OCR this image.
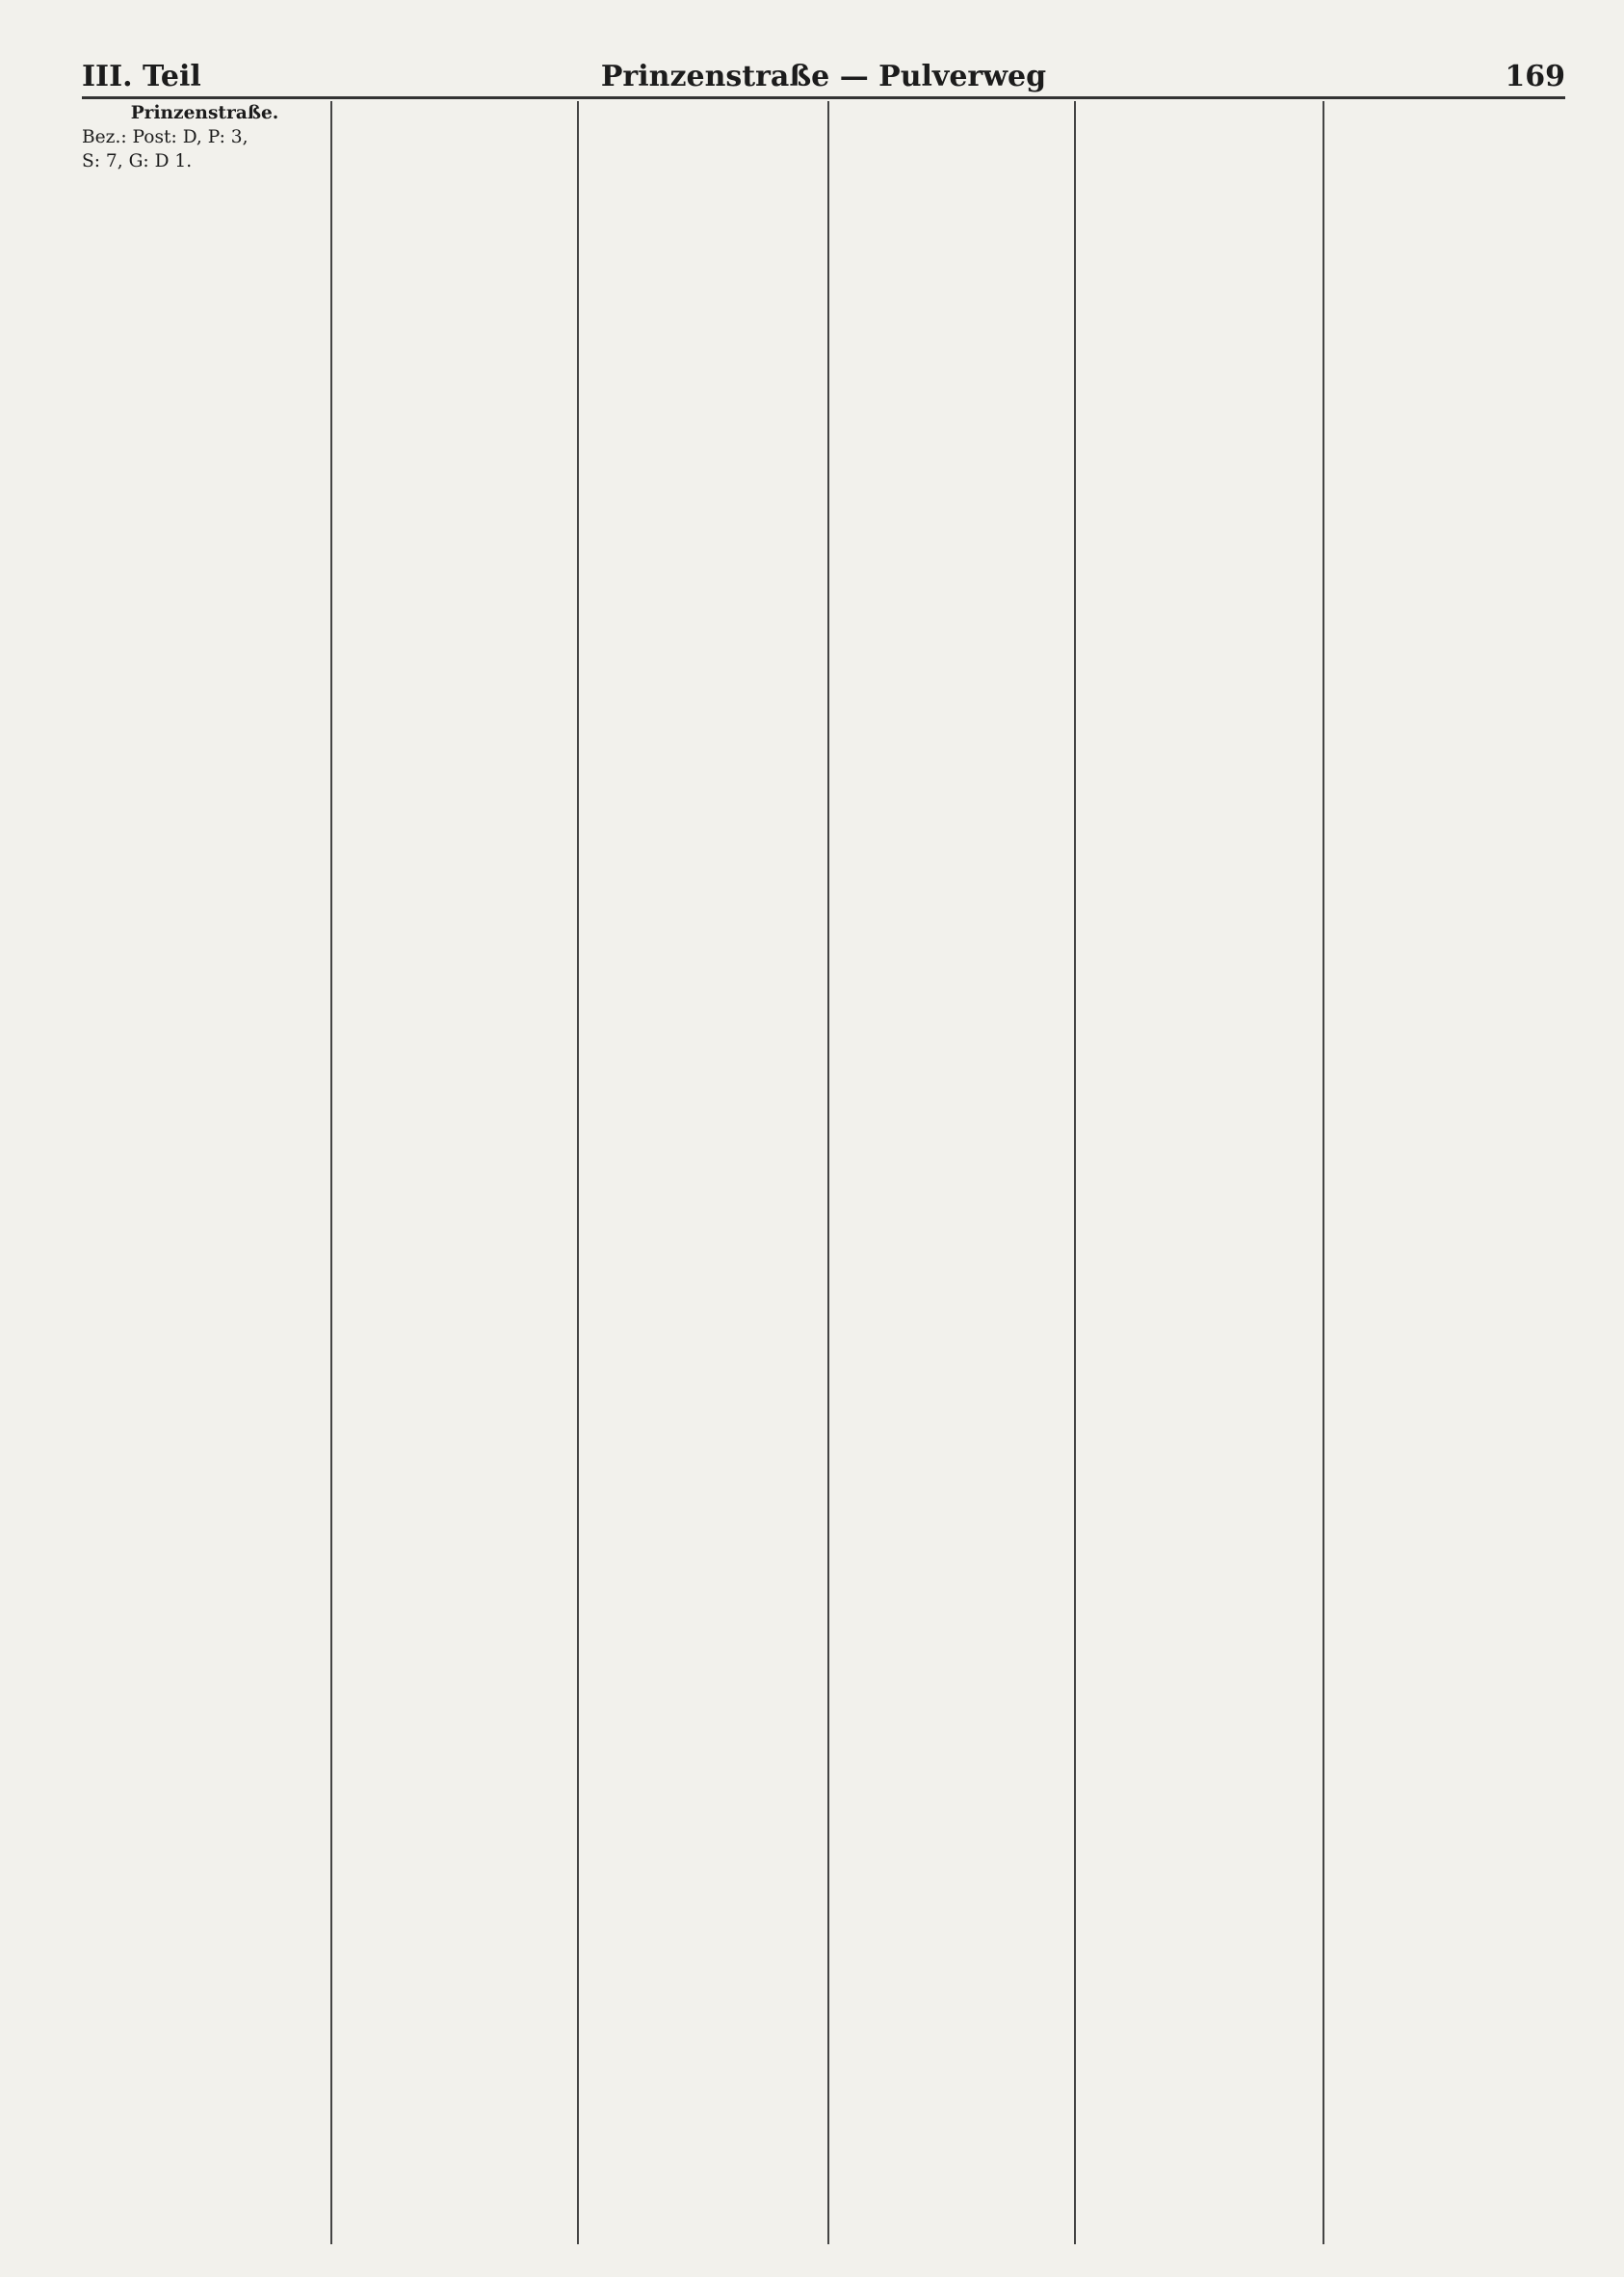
III. Teil	Prinzenstraße — Pulverweg	169
Prinzenstraße.
Bez.: Post: D, P: 3,
S: 7, G: D 1.
